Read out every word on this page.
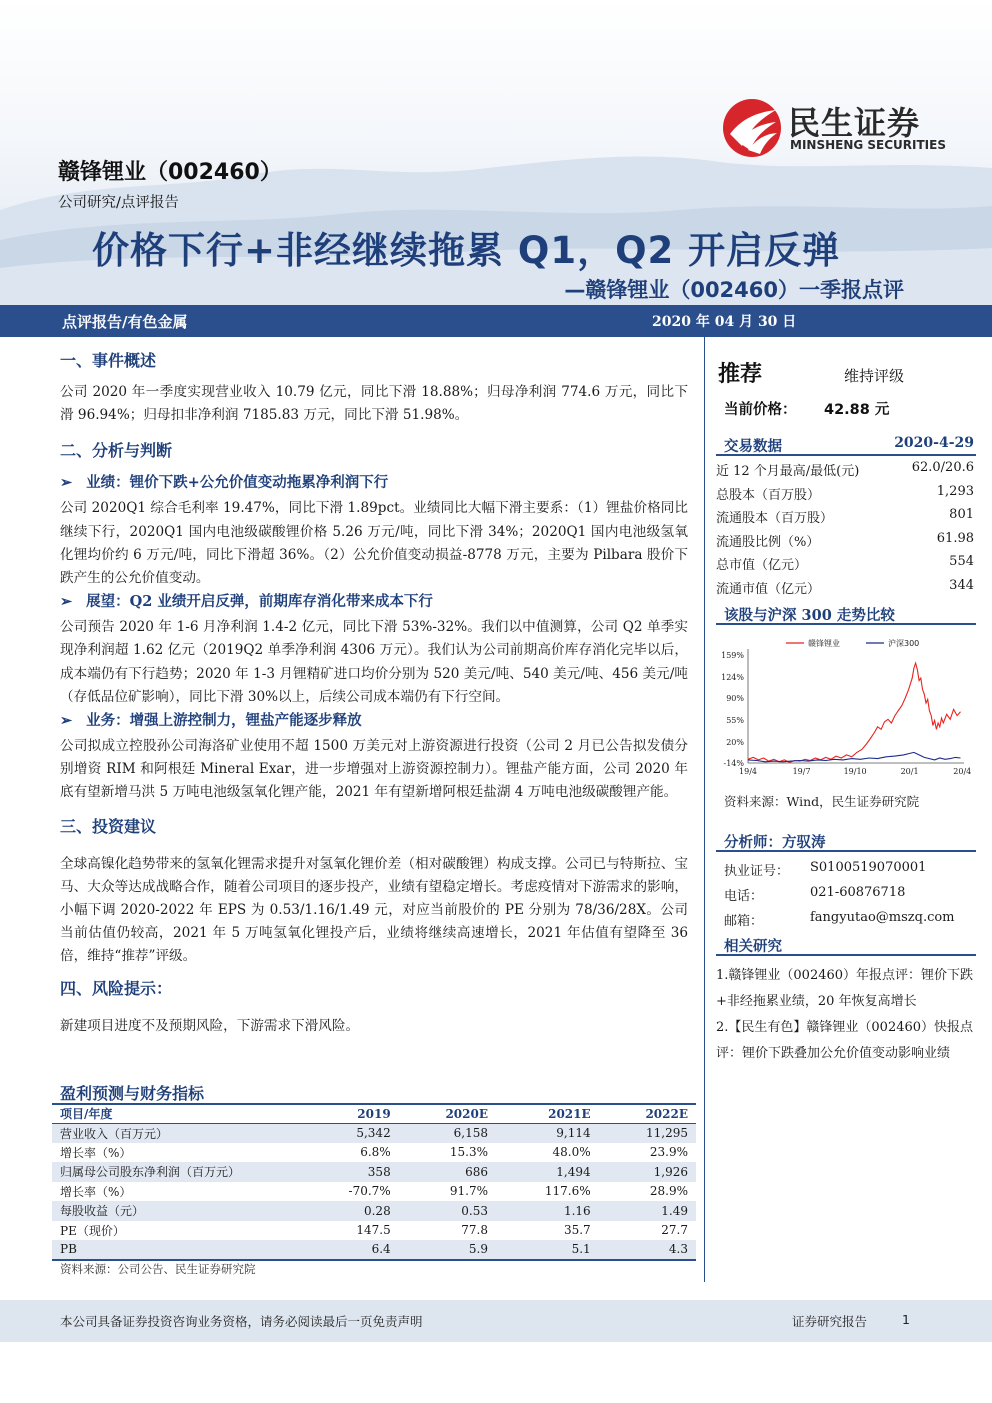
民生证券
MINSHENG SECURITIES
赣锋锂业（002460）
公司研究/点评报告
价格下行+非经继续拖累 Q1，Q2 开启反弹
—赣锋锂业（002460）一季报点评
点评报告/有色金属	2020 年 04 月 30 日
一、事件概述
公司 2020 年一季度实现营业收入 10.79 亿元，同比下滑 18.88%；归母净利润 774.6 万元，同比下滑 96.94%；归母扣非净利润 7185.83 万元，同比下滑 51.98%。
二、分析与判断
➢ 业绩：锂价下跌+公允价值变动拖累净利润下行
公司 2020Q1 综合毛利率 19.47%，同比下滑 1.89pct。业绩同比大幅下滑主要系：（1）锂盐价格同比继续下行，2020Q1 国内电池级碳酸锂价格 5.26 万元/吨，同比下滑 34%；2020Q1 国内电池级氢氧化锂均价约 6 万元/吨，同比下滑超 36%。（2）公允价值变动损益-8778 万元，主要为 Pilbara 股价下跌产生的公允价值变动。
➢ 展望：Q2 业绩开启反弹，前期库存消化带来成本下行
公司预告 2020 年 1-6 月净利润 1.4-2 亿元，同比下滑 53%-32%。我们以中值测算，公司 Q2 单季实现净利润超 1.62 亿元（2019Q2 单季净利润 4306 万元）。我们认为公司前期高价库存消化完毕以后，成本端仍有下行趋势；2020 年 1-3 月锂精矿进口均价分别为 520 美元/吨、540 美元/吨、456 美元/吨（存低品位矿影响），同比下滑 30%以上，后续公司成本端仍有下行空间。
➢ 业务：增强上游控制力，锂盐产能逐步释放
公司拟成立控股孙公司海洛矿业使用不超 1500 万美元对上游资源进行投资（公司 2 月已公告拟发债分别增资 RIM 和阿根廷 Mineral Exar，进一步增强对上游资源控制力）。锂盐产能方面，公司 2020 年底有望新增马洪 5 万吨电池级氢氧化锂产能，2021 年有望新增阿根廷盐湖 4 万吨电池级碳酸锂产能。
三、投资建议
全球高镍化趋势带来的氢氧化锂需求提升对氢氧化锂价差（相对碳酸锂）构成支撑。公司已与特斯拉、宝马、大众等达成战略合作，随着公司项目的逐步投产，业绩有望稳定增长。考虑疫情对下游需求的影响，小幅下调 2020-2022 年 EPS 为 0.53/1.16/1.49 元，对应当前股价的 PE 分别为 78/36/28X。公司当前估值仍较高，2021 年 5 万吨氢氧化锂投产后，业绩将继续高速增长，2021 年估值有望降至 36 倍，维持“推荐”评级。
四、风险提示：
新建项目进度不及预期风险，下游需求下滑风险。
盈利预测与财务指标
项目/年度	2019	2020E	2021E	2022E
营业收入（百万元）	5,342	6,158	9,114	11,295
增长率（%）	6.8%	15.3%	48.0%	23.9%
归属母公司股东净利润（百万元）	358	686	1,494	1,926
增长率（%）	-70.7%	91.7%	117.6%	28.9%
每股收益（元）	0.28	0.53	1.16	1.49
PE（现价）	147.5	77.8	35.7	27.7
PB	6.4	5.9	5.1	4.3
资料来源：公司公告、民生证券研究院
推荐	维持评级
当前价格： 42.88 元
交易数据	2020-4-29
近 12 个月最高/最低(元)	62.0/20.6
总股本（百万股）	1,293
流通股本（百万股）	801
流通股比例（%）	61.98
总市值（亿元）	554
流通市值（亿元）	344
该股与沪深 300 走势比较
159%
124%
90%
55%
20%
-14%
19/4	19/7	19/10	20/1	20/4
赣锋锂业	沪深300
资料来源：Wind，民生证券研究院
分析师：方驭涛
执业证号： S0100519070001
电话：	021-60876718
邮箱：	fangyutao@mszq.com
相关研究
1.赣锋锂业（002460）年报点评：锂价下跌+非经拖累业绩，20 年恢复高增长
2.【民生有色】赣锋锂业（002460）快报点评：锂价下跌叠加公允价值变动影响业绩
本公司具备证券投资咨询业务资格，请务必阅读最后一页免责声明	证券研究报告	1
